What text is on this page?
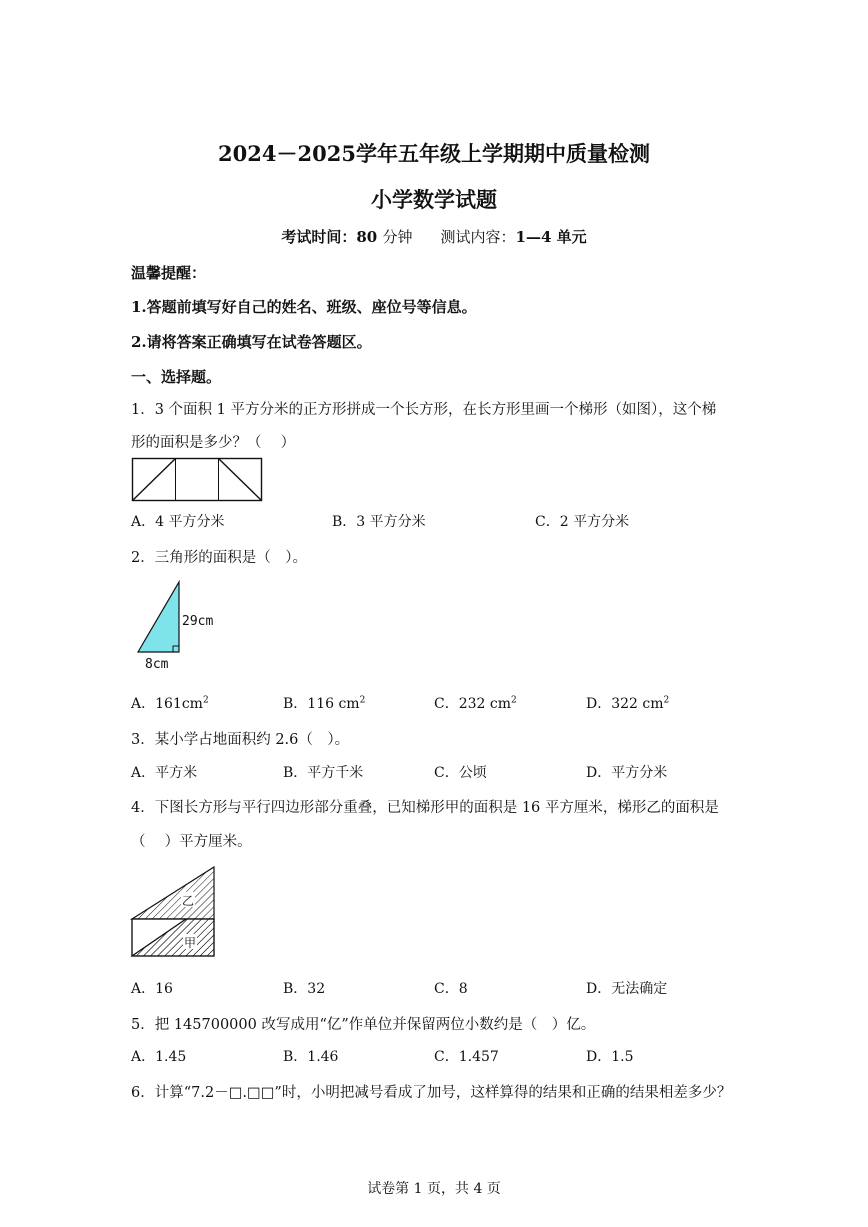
2024－2025学年五年级上学期期中质量检测
小学数学试题
考试时间：80 分钟 测试内容：1—4 单元
温馨提醒：
1.答题前填写好自己的姓名、班级、座位号等信息。
2.请将答案正确填写在试卷答题区。
一、选择题。
1．3 个面积 1 平方分米的正方形拼成一个长方形，在长方形里画一个梯形（如图），这个梯
形的面积是多少？（　 ）
A．4 平方分米	B．3 平方分米	C．2 平方分米
2．三角形的面积是（　）。
29cm
8cm
A．$161cm^2$	B．116 $cm^2$	C．232 $cm^2$	D．322 $cm^2$
3．某小学占地面积约 2.6（　）。
A．平方米	B．平方千米	C．公顷	D．平方分米
4．下图长方形与平行四边形部分重叠，已知梯形甲的面积是 16 平方厘米，梯形乙的面积是
（　 ）平方厘米。
乙
甲
A．16	B．32	C．8	D．无法确定
5．把 145700000 改写成用“亿”作单位并保留两位小数约是（　）亿。
A．1.45	B．1.46	C．1.457	D．1.5
6．计算“7.2－□.□□”时，小明把减号看成了加号，这样算得的结果和正确的结果相差多少？
试卷第 1 页，共 4 页
